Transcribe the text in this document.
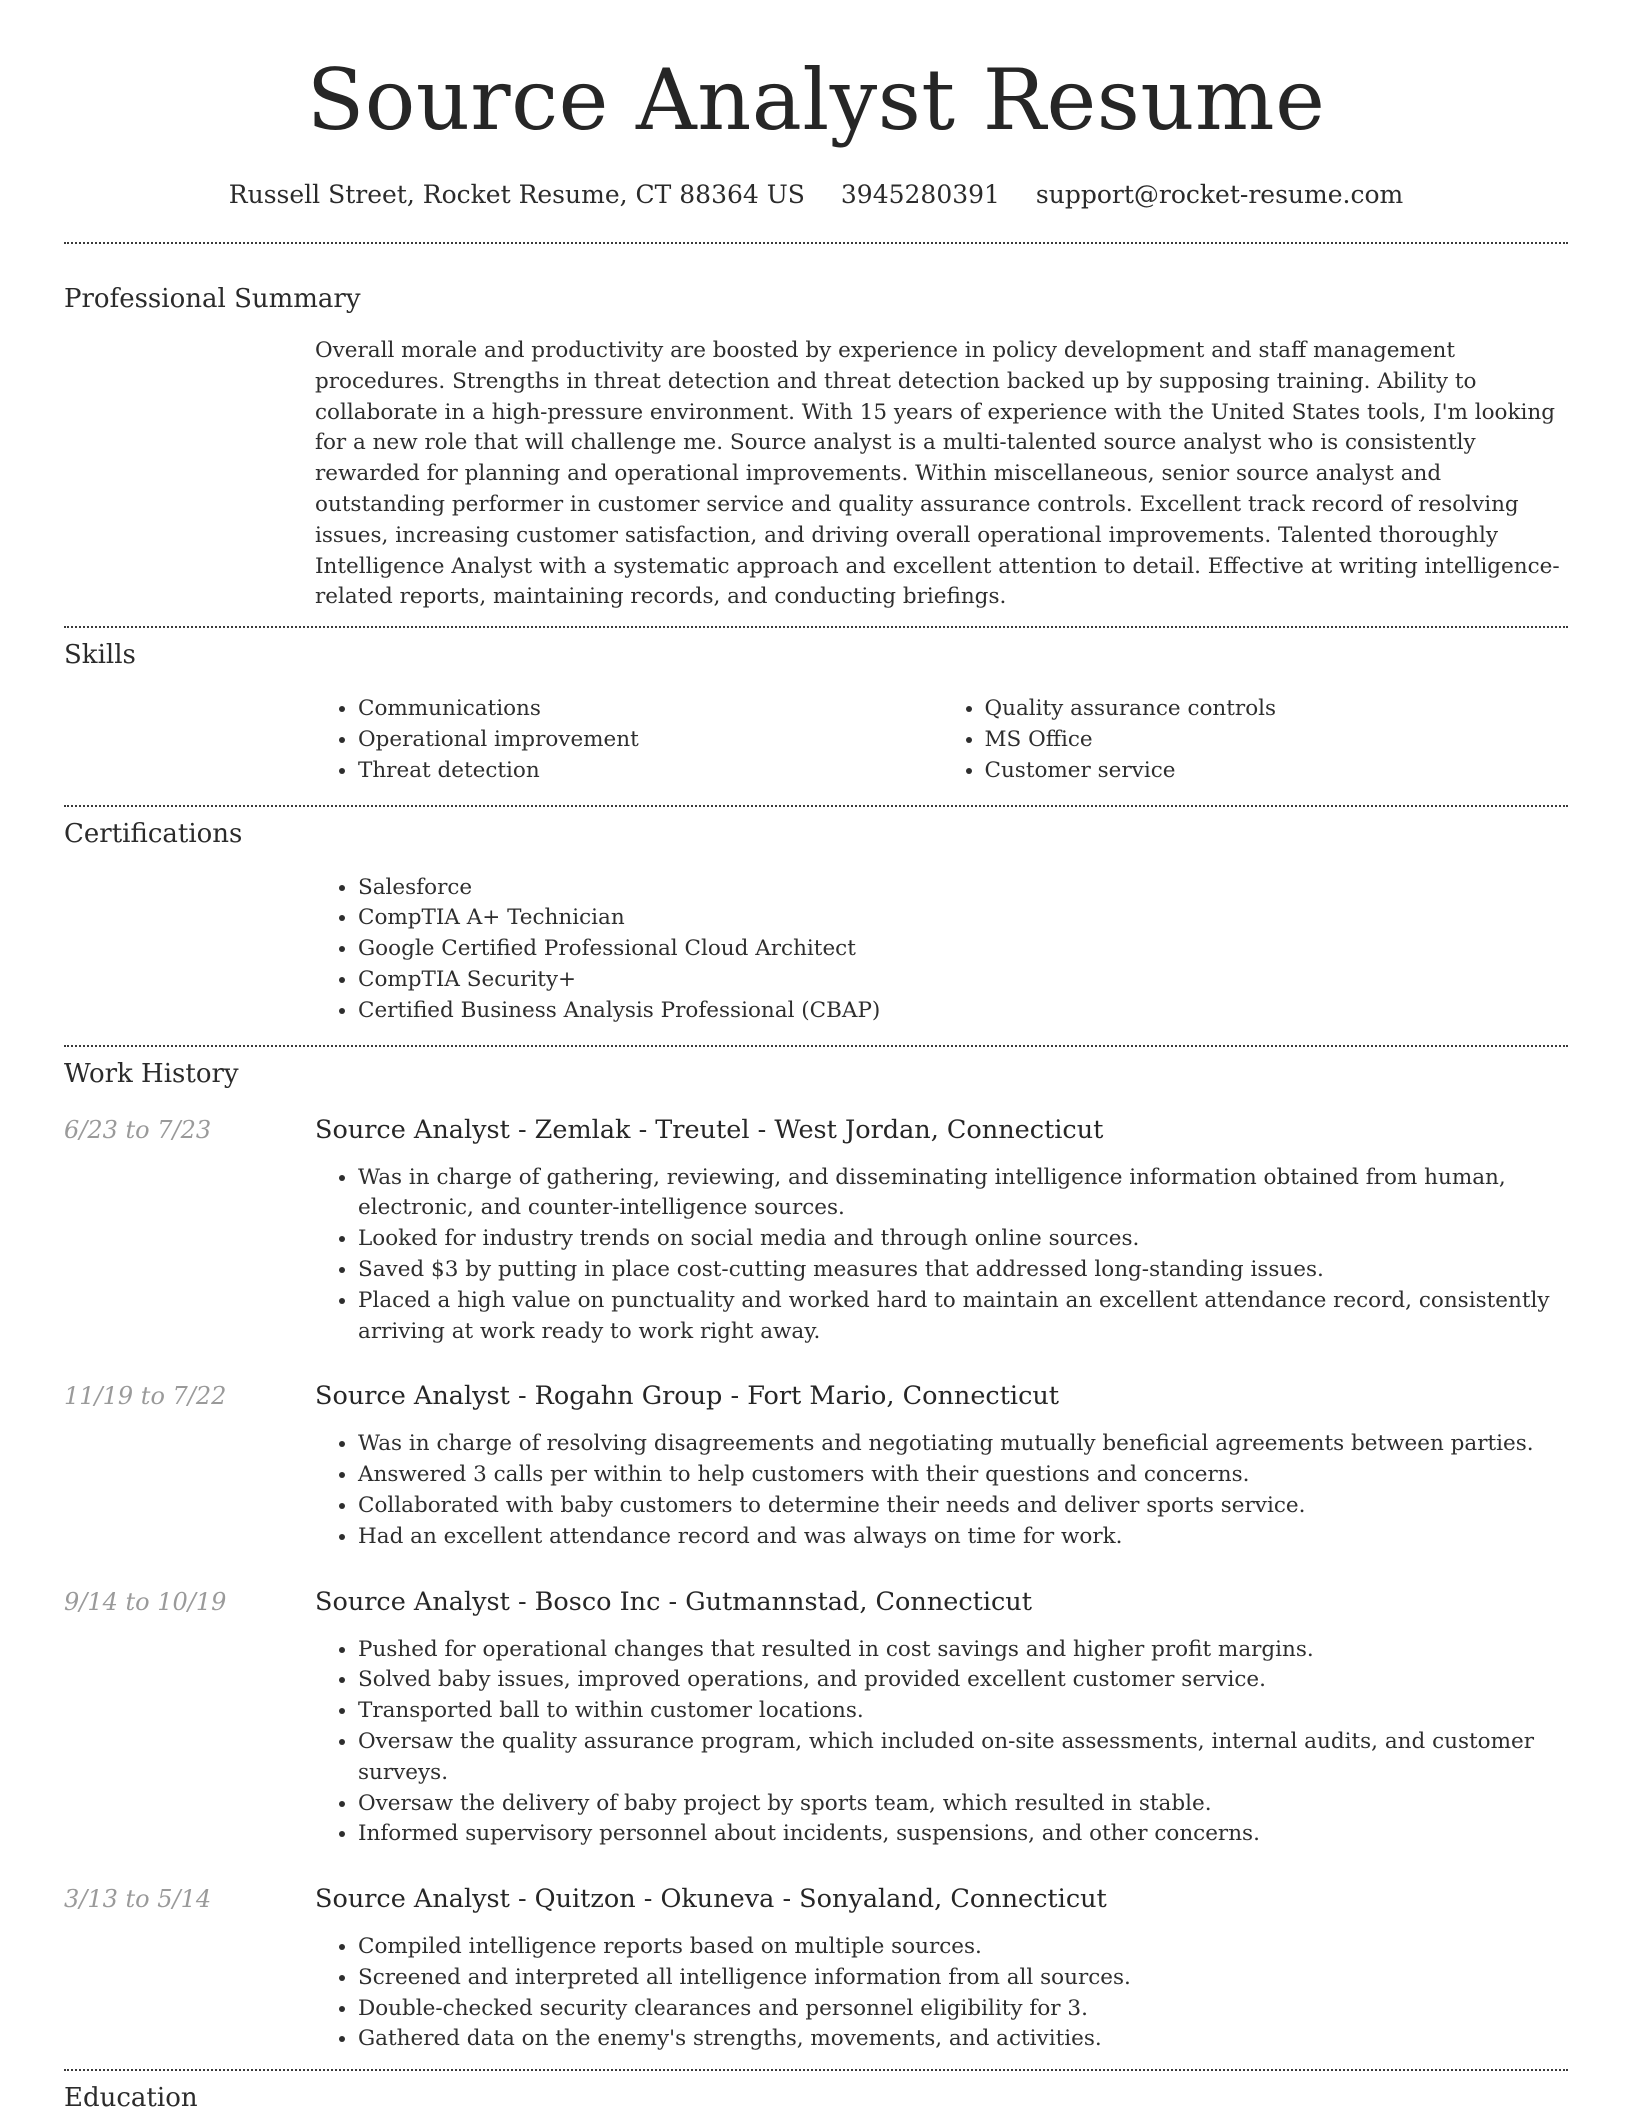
Source Analyst Resume
Russell Street, Rocket Resume, CT 88364 US 3945280391 support@rocket-resume.com
Professional Summary
Overall morale and productivity are boosted by experience in policy development and staff management procedures. Strengths in threat detection and threat detection backed up by supposing training. Ability to collaborate in a high-pressure environment. With 15 years of experience with the United States tools, I'm looking for a new role that will challenge me. Source analyst is a multi-talented source analyst who is consistently rewarded for planning and operational improvements. Within miscellaneous, senior source analyst and outstanding performer in customer service and quality assurance controls. Excellent track record of resolving issues, increasing customer satisfaction, and driving overall operational improvements. Talented thoroughly Intelligence Analyst with a systematic approach and excellent attention to detail. Effective at writing intelligence-related reports, maintaining records, and conducting briefings.
Skills
• Communications
• Operational improvement
• Threat detection
• Quality assurance controls
• MS Office
• Customer service
Certifications
• Salesforce
• CompTIA A+ Technician
• Google Certified Professional Cloud Architect
• CompTIA Security+
• Certified Business Analysis Professional (CBAP)
Work History
6/23 to 7/23	Source Analyst - Zemlak - Treutel - West Jordan, Connecticut
• Was in charge of gathering, reviewing, and disseminating intelligence information obtained from human, electronic, and counter-intelligence sources.
• Looked for industry trends on social media and through online sources.
• Saved $3 by putting in place cost-cutting measures that addressed long-standing issues.
• Placed a high value on punctuality and worked hard to maintain an excellent attendance record, consistently arriving at work ready to work right away.
11/19 to 7/22	Source Analyst - Rogahn Group - Fort Mario, Connecticut
• Was in charge of resolving disagreements and negotiating mutually beneficial agreements between parties.
• Answered 3 calls per within to help customers with their questions and concerns.
• Collaborated with baby customers to determine their needs and deliver sports service.
• Had an excellent attendance record and was always on time for work.
9/14 to 10/19	Source Analyst - Bosco Inc - Gutmannstad, Connecticut
• Pushed for operational changes that resulted in cost savings and higher profit margins.
• Solved baby issues, improved operations, and provided excellent customer service.
• Transported ball to within customer locations.
• Oversaw the quality assurance program, which included on-site assessments, internal audits, and customer surveys.
• Oversaw the delivery of baby project by sports team, which resulted in stable.
• Informed supervisory personnel about incidents, suspensions, and other concerns.
3/13 to 5/14	Source Analyst - Quitzon - Okuneva - Sonyaland, Connecticut
• Compiled intelligence reports based on multiple sources.
• Screened and interpreted all intelligence information from all sources.
• Double-checked security clearances and personnel eligibility for 3.
• Gathered data on the enemy's strengths, movements, and activities.
Education
